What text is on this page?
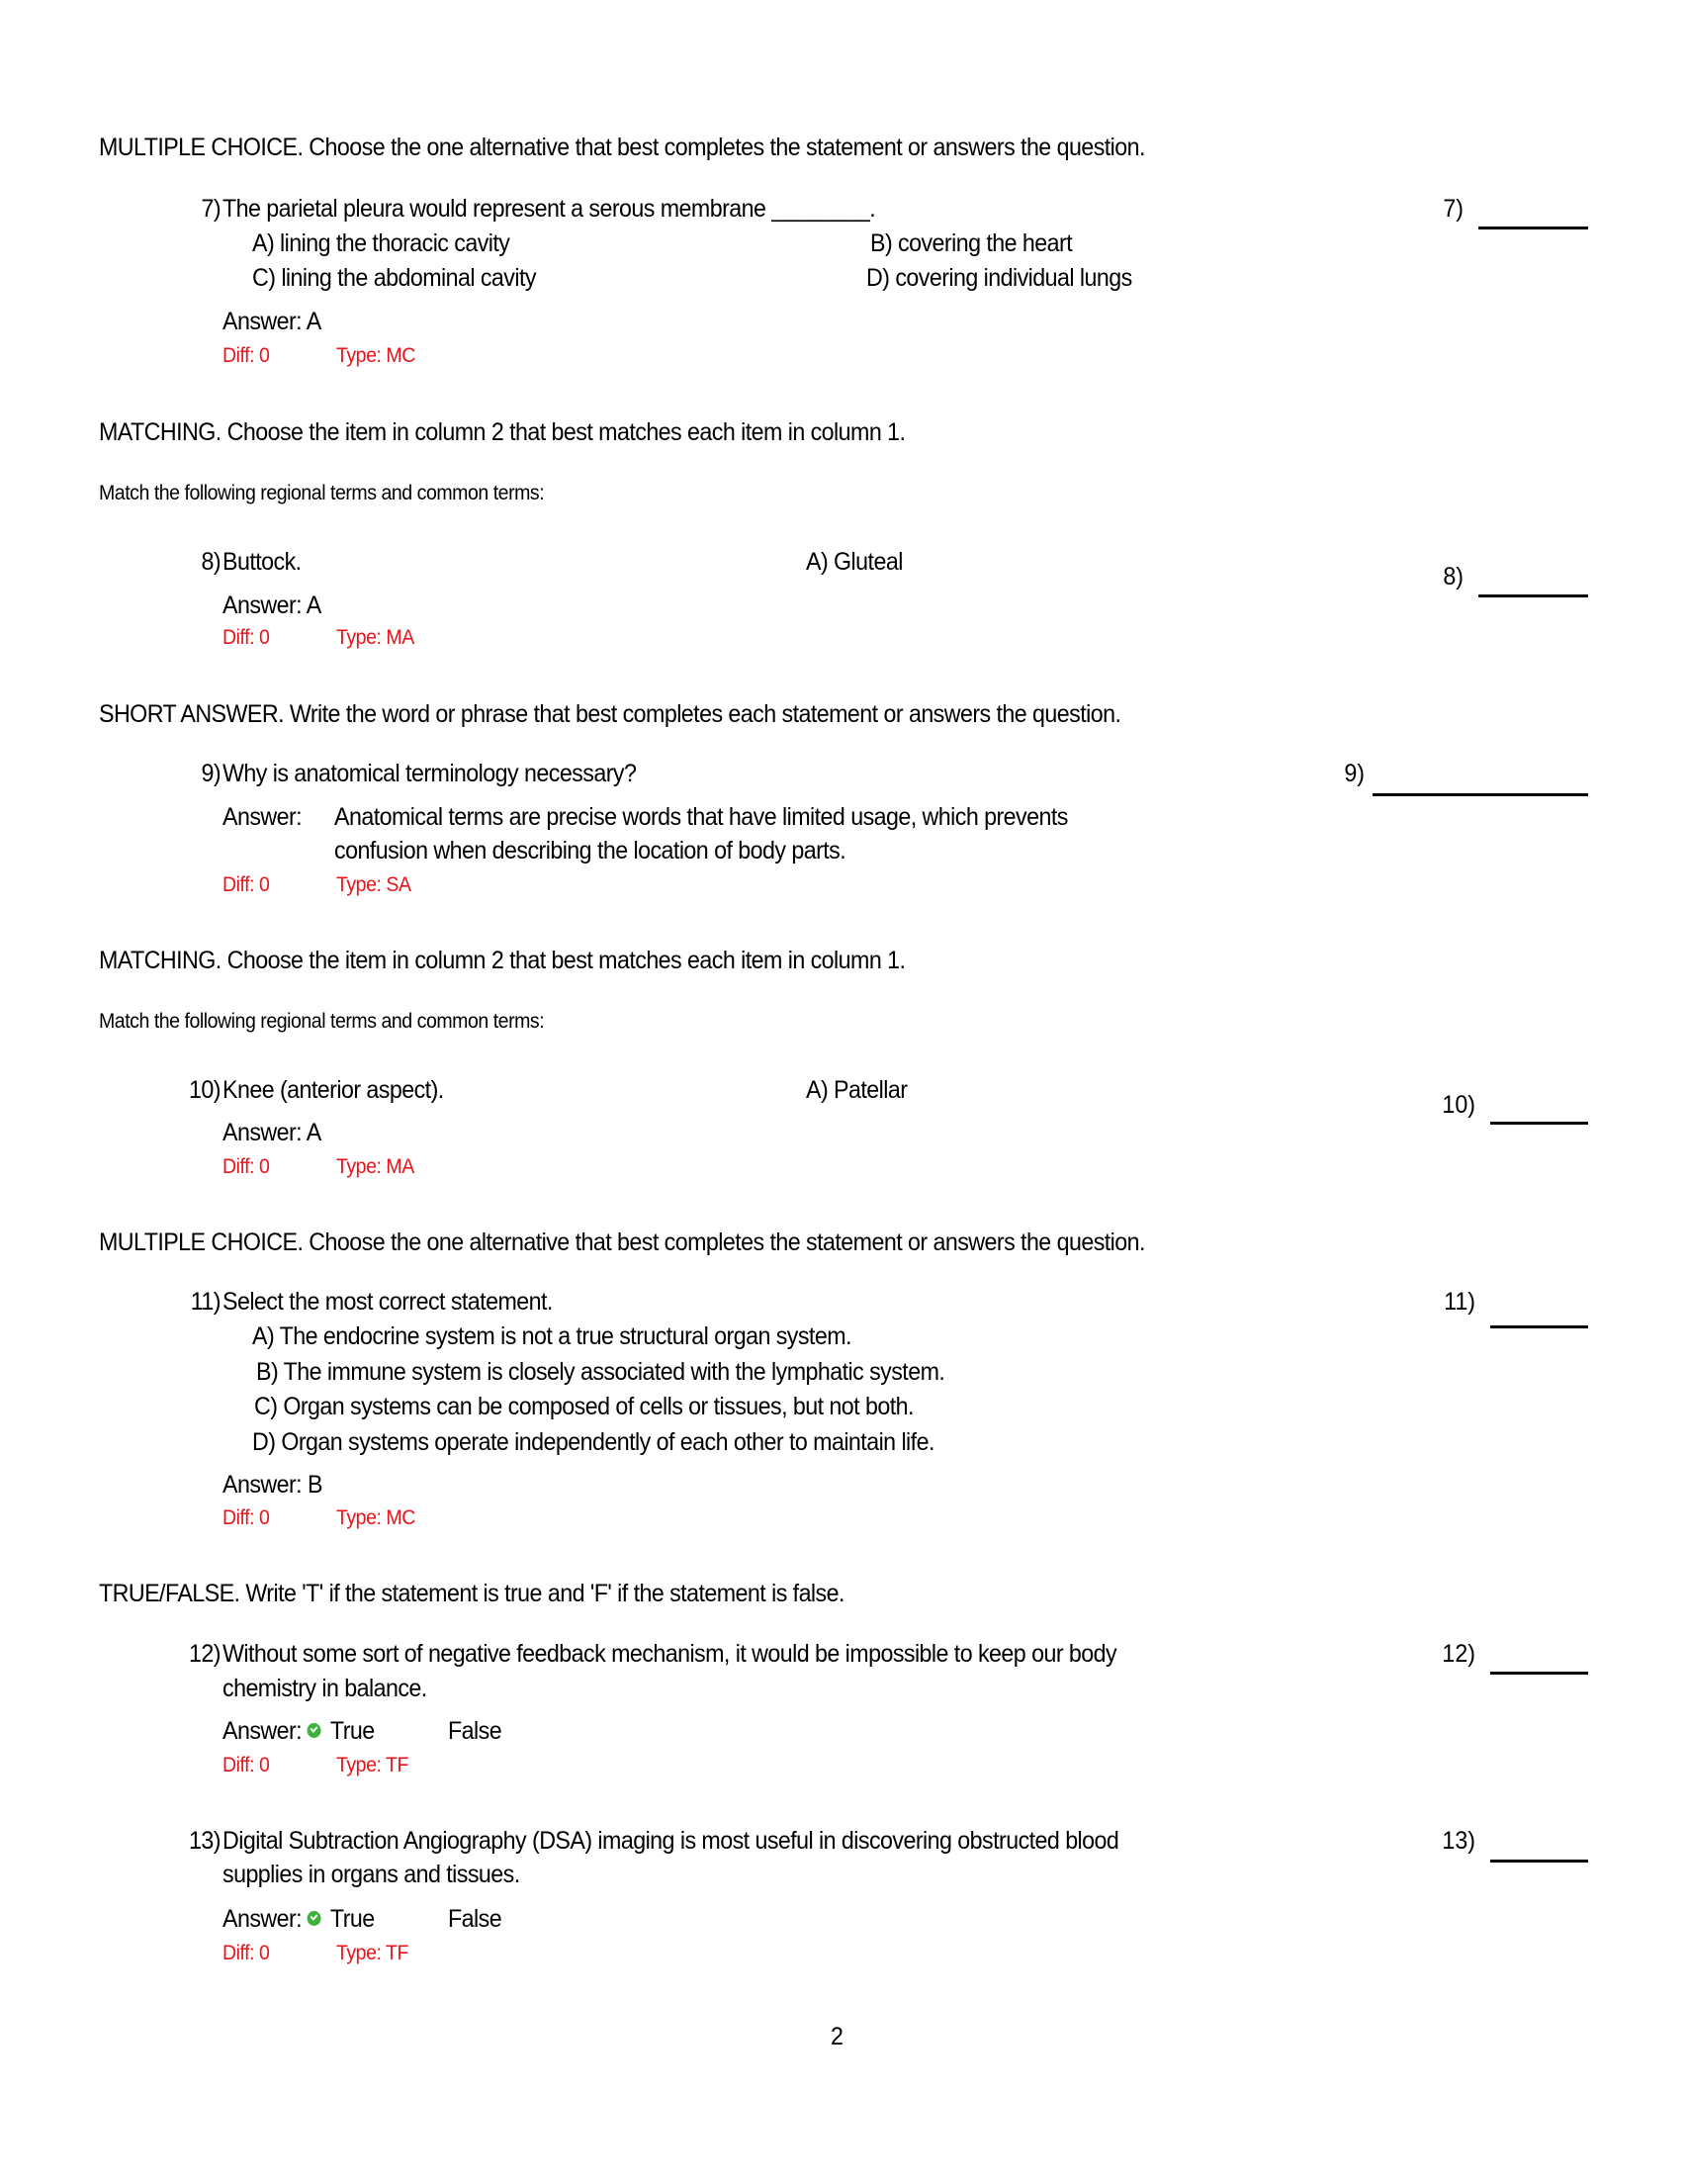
MULTIPLE CHOICE. Choose the one alternative that best completes the statement or answers the question.
7) The parietal pleura would represent a serous membrane ________.
A) lining the thoracic cavity	B) covering the heart
C) lining the abdominal cavity	D) covering individual lungs
Answer: A
Diff: 0	Type: MC
7)
MATCHING. Choose the item in column 2 that best matches each item in column 1.
Match the following regional terms and common terms:
8) Buttock.	A) Gluteal
Answer: A
Diff: 0	Type: MA
8)
SHORT ANSWER. Write the word or phrase that best completes each statement or answers the question.
9) Why is anatomical terminology necessary?
Answer: Anatomical terms are precise words that have limited usage, which prevents
confusion when describing the location of body parts.
Diff: 0	Type: SA
9)
MATCHING. Choose the item in column 2 that best matches each item in column 1.
Match the following regional terms and common terms:
10) Knee (anterior aspect).	A) Patellar
Answer: A
Diff: 0	Type: MA
10)
MULTIPLE CHOICE. Choose the one alternative that best completes the statement or answers the question.
11) Select the most correct statement.
A) The endocrine system is not a true structural organ system.
B) The immune system is closely associated with the lymphatic system.
C) Organ systems can be composed of cells or tissues, but not both.
D) Organ systems operate independently of each other to maintain life.
Answer: B
Diff: 0	Type: MC
11)
TRUE/FALSE. Write 'T' if the statement is true and 'F' if the statement is false.
12) Without some sort of negative feedback mechanism, it would be impossible to keep our body
chemistry in balance.
Answer: True	False
Diff: 0	Type: TF
12)
13) Digital Subtraction Angiography (DSA) imaging is most useful in discovering obstructed blood
supplies in organs and tissues.
Answer: True	False
Diff: 0	Type: TF
13)
2
